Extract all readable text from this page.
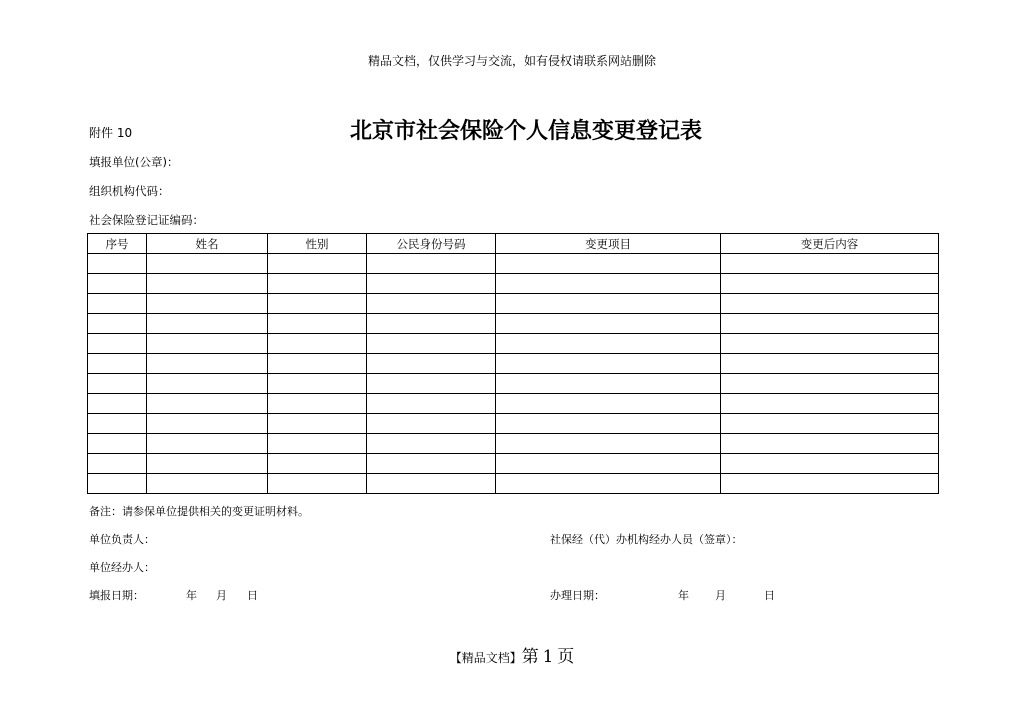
精品文档，仅供学习与交流，如有侵权请联系网站删除
附件 10	北京市社会保险个人信息变更登记表
填报单位(公章)：
组织机构代码：
社会保险登记证编码：
序号	姓名	性别	公民身份号码	变更项目	变更后内容

备注：请参保单位提供相关的变更证明材料。
单位负责人：	社保经（代）办机构经办人员（签章）：
单位经办人：
填报日期：	年 月 日	办理日期：	年 月	日
【精品文档】第 1 页
